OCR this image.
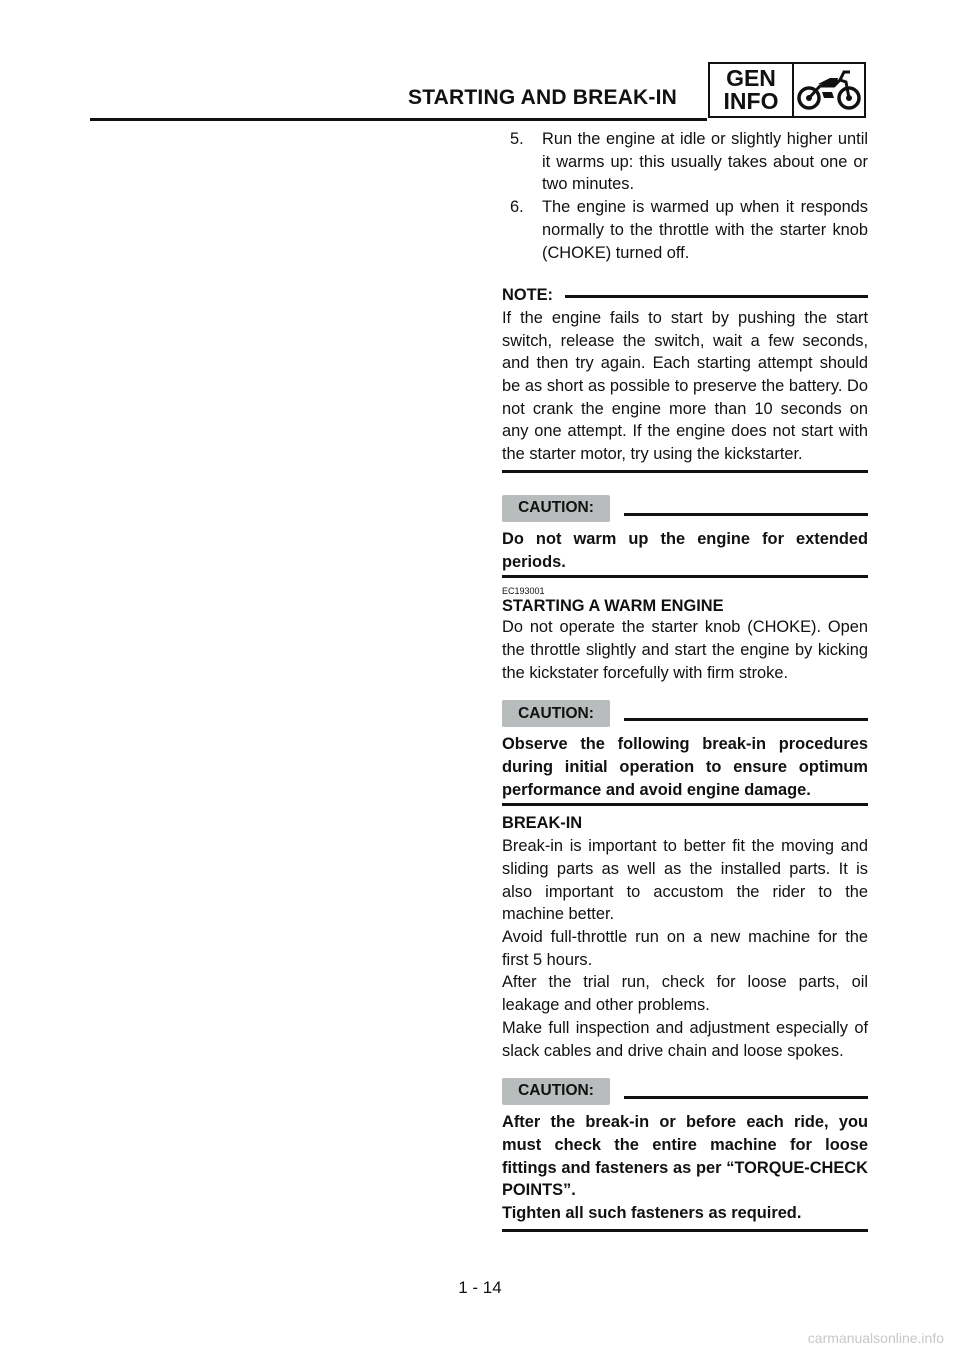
STARTING AND BREAK-IN
GEN
INFO
5.	Run the engine at idle or slightly higher until it warms up: this usually takes about one or two minutes.
6.	The engine is warmed up when it responds normally to the throttle with the starter knob (CHOKE) turned off.
NOTE:

If the engine fails to start by pushing the start switch, release the switch, wait a few seconds, and then try again. Each starting attempt should be as short as possible to preserve the battery. Do not crank the engine more than 10 seconds on any one attempt. If the engine does not start with the starter motor, try using the kickstarter.

CAUTION:

Do not warm up the engine for extended periods.

EC193001
STARTING A WARM ENGINE

Do not operate the starter knob (CHOKE). Open the throttle slightly and start the engine by kicking the kickstater forcefully with firm stroke.

CAUTION:

Observe the following break-in procedures during initial operation to ensure optimum performance and avoid engine damage.

BREAK-IN

Break-in is important to better fit the moving and sliding parts as well as the installed parts. It is also important to accustom the rider to the machine better.

Avoid full-throttle run on a new machine for the first 5 hours.

After the trial run, check for loose parts, oil leakage and other problems.

Make full inspection and adjustment especially of slack cables and drive chain and loose spokes.

CAUTION:

After the break-in or before each ride, you must check the entire machine for loose fittings and fasteners as per “TORQUE-CHECK POINTS”.

Tighten all such fasteners as required.

1 - 14
carmanualsonline.info
